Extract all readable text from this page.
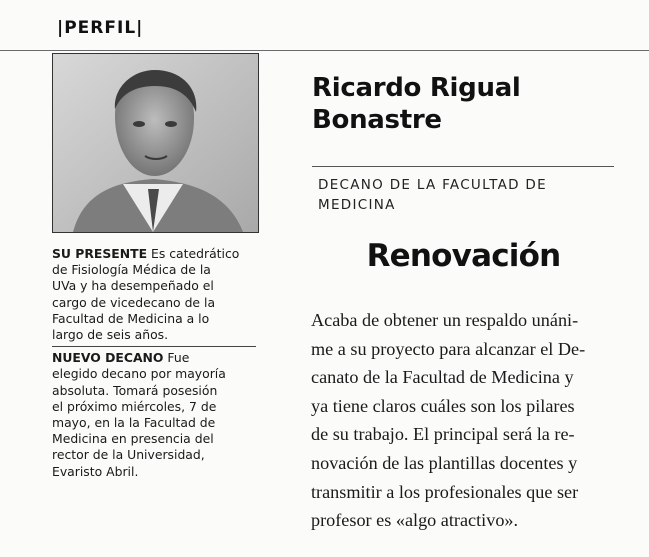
|PERFIL|

SU PRESENTE Es catedrático
de Fisiología Médica de la
UVa y ha desempeñado el
cargo de vicedecano de la
Facultad de Medicina a lo
largo de seis años.

NUEVO DECANO Fue
elegido decano por mayoría
absoluta. Tomará posesión
el próximo miércoles, 7 de
mayo, en la la Facultad de
Medicina en presencia del
rector de la Universidad,
Evaristo Abril.

Ricardo Rigual
Bonastre
DECANO DE LA FACULTAD DE
MEDICINA
Renovación
Acaba de obtener un respaldo unáni-
me a su proyecto para alcanzar el De-
canato de la Facultad de Medicina y
ya tiene claros cuáles son los pilares
de su trabajo. El principal será la re-
novación de las plantillas docentes y
transmitir a los profesionales que ser
profesor es «algo atractivo».
